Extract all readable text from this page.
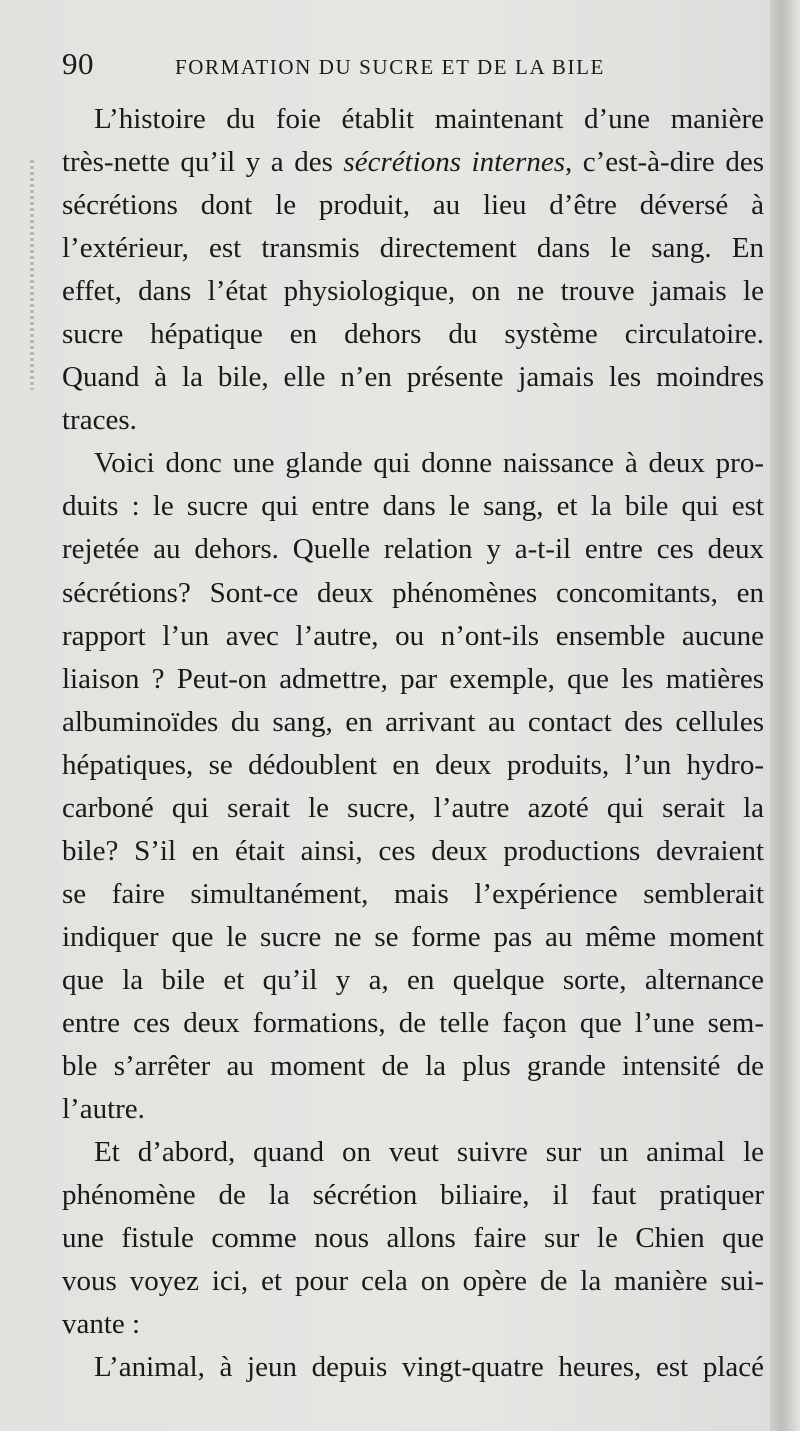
90	FORMATION DU SUCRE ET DE LA BILE
L’histoire du foie établit maintenant d’une manière
très-nette qu’il y a des sécrétions internes, c’est-à-dire des
sécrétions dont le produit, au lieu d’être déversé à
l’extérieur, est transmis directement dans le sang. En
effet, dans l’état physiologique, on ne trouve jamais le
sucre hépatique en dehors du système circulatoire.
Quand à la bile, elle n’en présente jamais les moindres
traces.
Voici donc une glande qui donne naissance à deux pro-
duits : le sucre qui entre dans le sang, et la bile qui est
rejetée au dehors. Quelle relation y a-t-il entre ces deux
sécrétions? Sont-ce deux phénomènes concomitants, en
rapport l’un avec l’autre, ou n’ont-ils ensemble aucune
liaison ? Peut-on admettre, par exemple, que les matières
albuminoïdes du sang, en arrivant au contact des cellules
hépatiques, se dédoublent en deux produits, l’un hydro-
carboné qui serait le sucre, l’autre azoté qui serait la
bile? S’il en était ainsi, ces deux productions devraient
se faire simultanément, mais l’expérience semblerait
indiquer que le sucre ne se forme pas au même moment
que la bile et qu’il y a, en quelque sorte, alternance
entre ces deux formations, de telle façon que l’une sem-
ble s’arrêter au moment de la plus grande intensité de
l’autre.
Et d’abord, quand on veut suivre sur un animal le
phénomène de la sécrétion biliaire, il faut pratiquer
une fistule comme nous allons faire sur le Chien que
vous voyez ici, et pour cela on opère de la manière sui-
vante :
L’animal, à jeun depuis vingt-quatre heures, est placé
